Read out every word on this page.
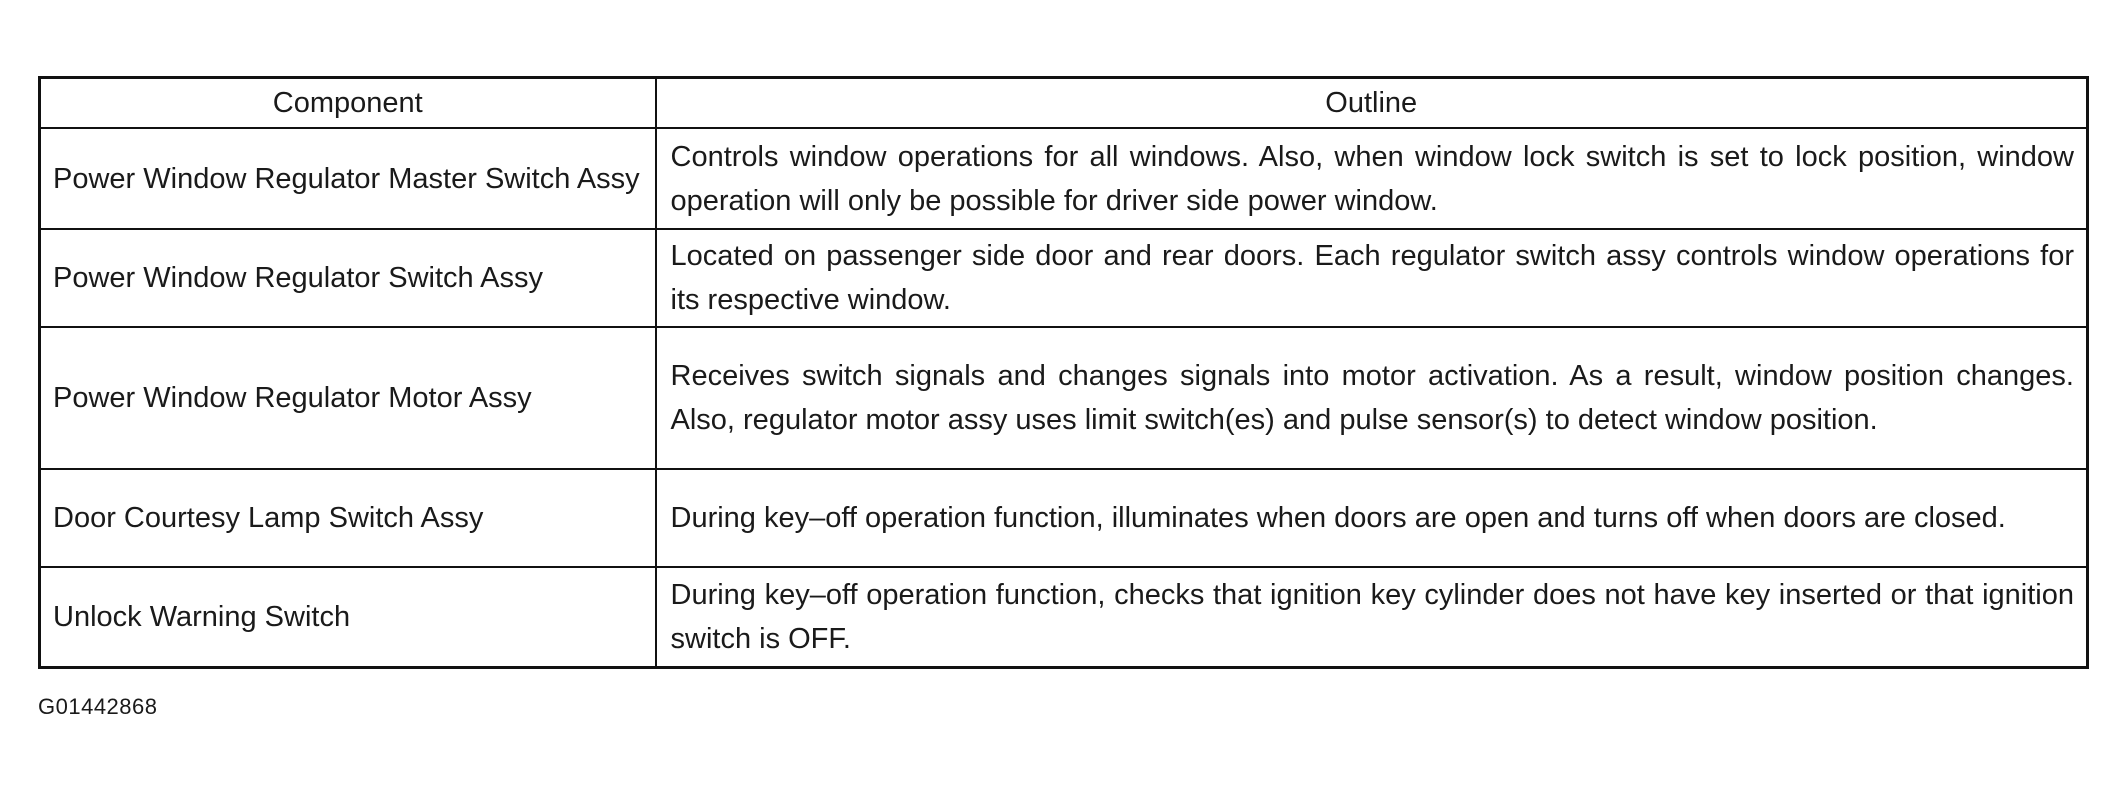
Component	Outline
Power Window Regulator Master Switch Assy	Controls window operations for all windows. Also, when window lock switch is set to lock position, window operation will only be possible for driver side power window.
Power Window Regulator Switch Assy	Located on passenger side door and rear doors. Each regulator switch assy controls window operations for its respective window.
Power Window Regulator Motor Assy	Receives switch signals and changes signals into motor activation. As a result, window position changes. Also, regulator motor assy uses limit switch(es) and pulse sensor(s) to detect window position.
Door Courtesy Lamp Switch Assy	During key–off operation function, illuminates when doors are open and turns off when doors are closed.
Unlock Warning Switch	During key–off operation function, checks that ignition key cylinder does not have key inserted or that ignition switch is OFF.
G01442868
